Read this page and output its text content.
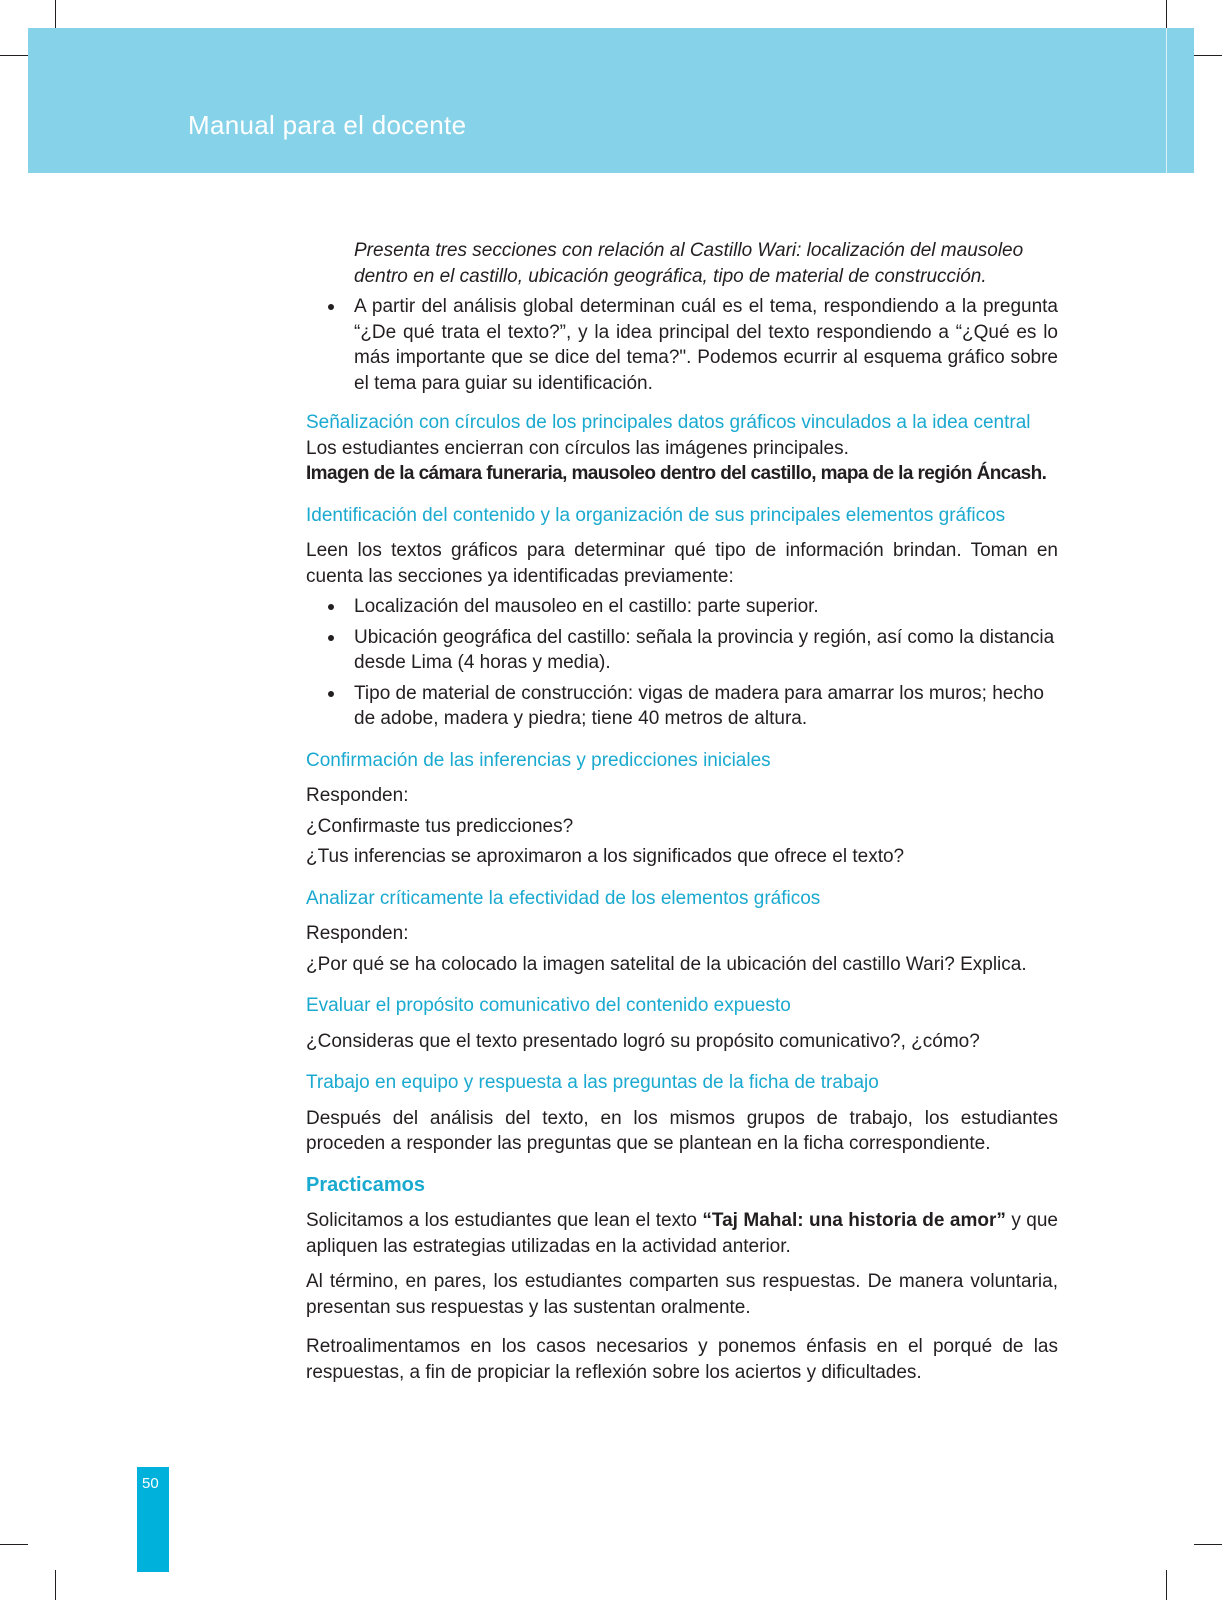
Manual para el docente

Presenta tres secciones con relación al Castillo Wari: localización del mausoleo dentro en el castillo, ubicación geográfica, tipo de material de construcción.

A partir del análisis global determinan cuál es el tema, respondiendo a la pregunta “¿De qué trata el texto?”, y la idea principal del texto respondiendo a “¿Qué es lo más importante que se dice del tema?". Podemos ecurrir al esquema gráfico sobre el tema para guiar su identificación.

Señalización con círculos de los principales datos gráficos vinculados a la idea central

Los estudiantes encierran con círculos las imágenes principales.

Imagen de la cámara funeraria, mausoleo dentro del castillo, mapa de la región Áncash.

Identificación del contenido y la organización de sus principales elementos gráficos

Leen los textos gráficos para determinar qué tipo de información brindan. Toman en cuenta las secciones ya identificadas previamente:

Localización del mausoleo en el castillo: parte superior.
Ubicación geográfica del castillo: señala la provincia y región, así como la distancia desde Lima (4 horas y media).
Tipo de material de construcción: vigas de madera para amarrar los muros; hecho de adobe, madera y piedra; tiene 40 metros de altura.

Confirmación de las inferencias y predicciones iniciales

Responden:

¿Confirmaste tus predicciones?

¿Tus inferencias se aproximaron a los significados que ofrece el texto?

Analizar críticamente la efectividad de los elementos gráficos

Responden:

¿Por qué se ha colocado la imagen satelital de la ubicación del castillo Wari? Explica.

Evaluar el propósito comunicativo del contenido expuesto

¿Consideras que el texto presentado logró su propósito comunicativo?, ¿cómo?

Trabajo en equipo y respuesta a las preguntas de la ficha de trabajo

Después del análisis del texto, en los mismos grupos de trabajo, los estudiantes proceden a responder las preguntas que se plantean en la ficha correspondiente.

Practicamos

Solicitamos a los estudiantes que lean el texto “Taj Mahal: una historia de amor” y que apliquen las estrategias utilizadas en la actividad anterior.

Al término, en pares, los estudiantes comparten sus respuestas. De manera voluntaria, presentan sus respuestas y las sustentan oralmente.

Retroalimentamos en los casos necesarios y ponemos énfasis en el porqué de las respuestas, a fin de propiciar la reflexión sobre los aciertos y dificultades.

50
